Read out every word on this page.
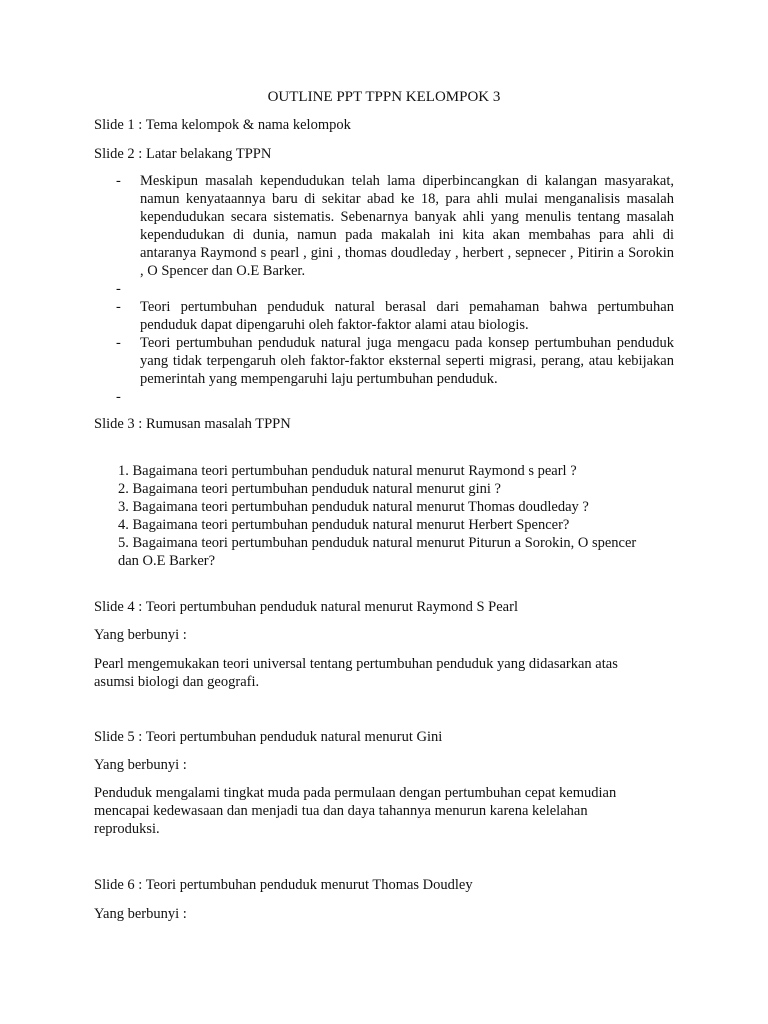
OUTLINE PPT TPPN KELOMPOK 3
Slide 1 : Tema kelompok & nama kelompok
Slide 2 : Latar belakang TPPN
- Meskipun masalah kependudukan telah lama diperbincangkan di kalangan masyarakat, namun kenyataannya baru di sekitar abad ke 18, para ahli mulai menganalisis masalah kependudukan secara sistematis. Sebenarnya banyak ahli yang menulis tentang masalah kependudukan di dunia, namun pada makalah ini kita akan membahas para ahli di antaranya Raymond s pearl , gini , thomas doudleday , herbert , sepnecer , Pitirin a Sorokin , O Spencer dan O.E Barker.
-

- Teori pertumbuhan penduduk natural berasal dari pemahaman bahwa pertumbuhan penduduk dapat dipengaruhi oleh faktor-faktor alami atau biologis.
- Teori pertumbuhan penduduk natural juga mengacu pada konsep pertumbuhan penduduk yang tidak terpengaruh oleh faktor-faktor eksternal seperti migrasi, perang, atau kebijakan pemerintah yang mempengaruhi laju pertumbuhan penduduk.
-

Slide 3 : Rumusan masalah TPPN
1. Bagaimana teori pertumbuhan penduduk natural menurut Raymond s pearl ?
2. Bagaimana teori pertumbuhan penduduk natural menurut gini ?
3. Bagaimana teori pertumbuhan penduduk natural menurut Thomas doudleday ?
4. Bagaimana teori pertumbuhan penduduk natural menurut Herbert Spencer?
5. Bagaimana teori pertumbuhan penduduk natural menurut Piturun a Sorokin, O spencer dan O.E Barker?
Slide 4 : Teori pertumbuhan penduduk natural menurut Raymond S Pearl
Yang berbunyi :
Pearl mengemukakan teori universal tentang pertumbuhan penduduk yang didasarkan atas asumsi biologi dan geografi.
Slide 5 : Teori pertumbuhan penduduk natural menurut Gini
Yang berbunyi :
Penduduk mengalami tingkat muda pada permulaan dengan pertumbuhan cepat kemudian mencapai kedewasaan dan menjadi tua dan daya tahannya menurun karena kelelahan reproduksi.
Slide 6 : Teori pertumbuhan penduduk menurut Thomas Doudley
Yang berbunyi :
